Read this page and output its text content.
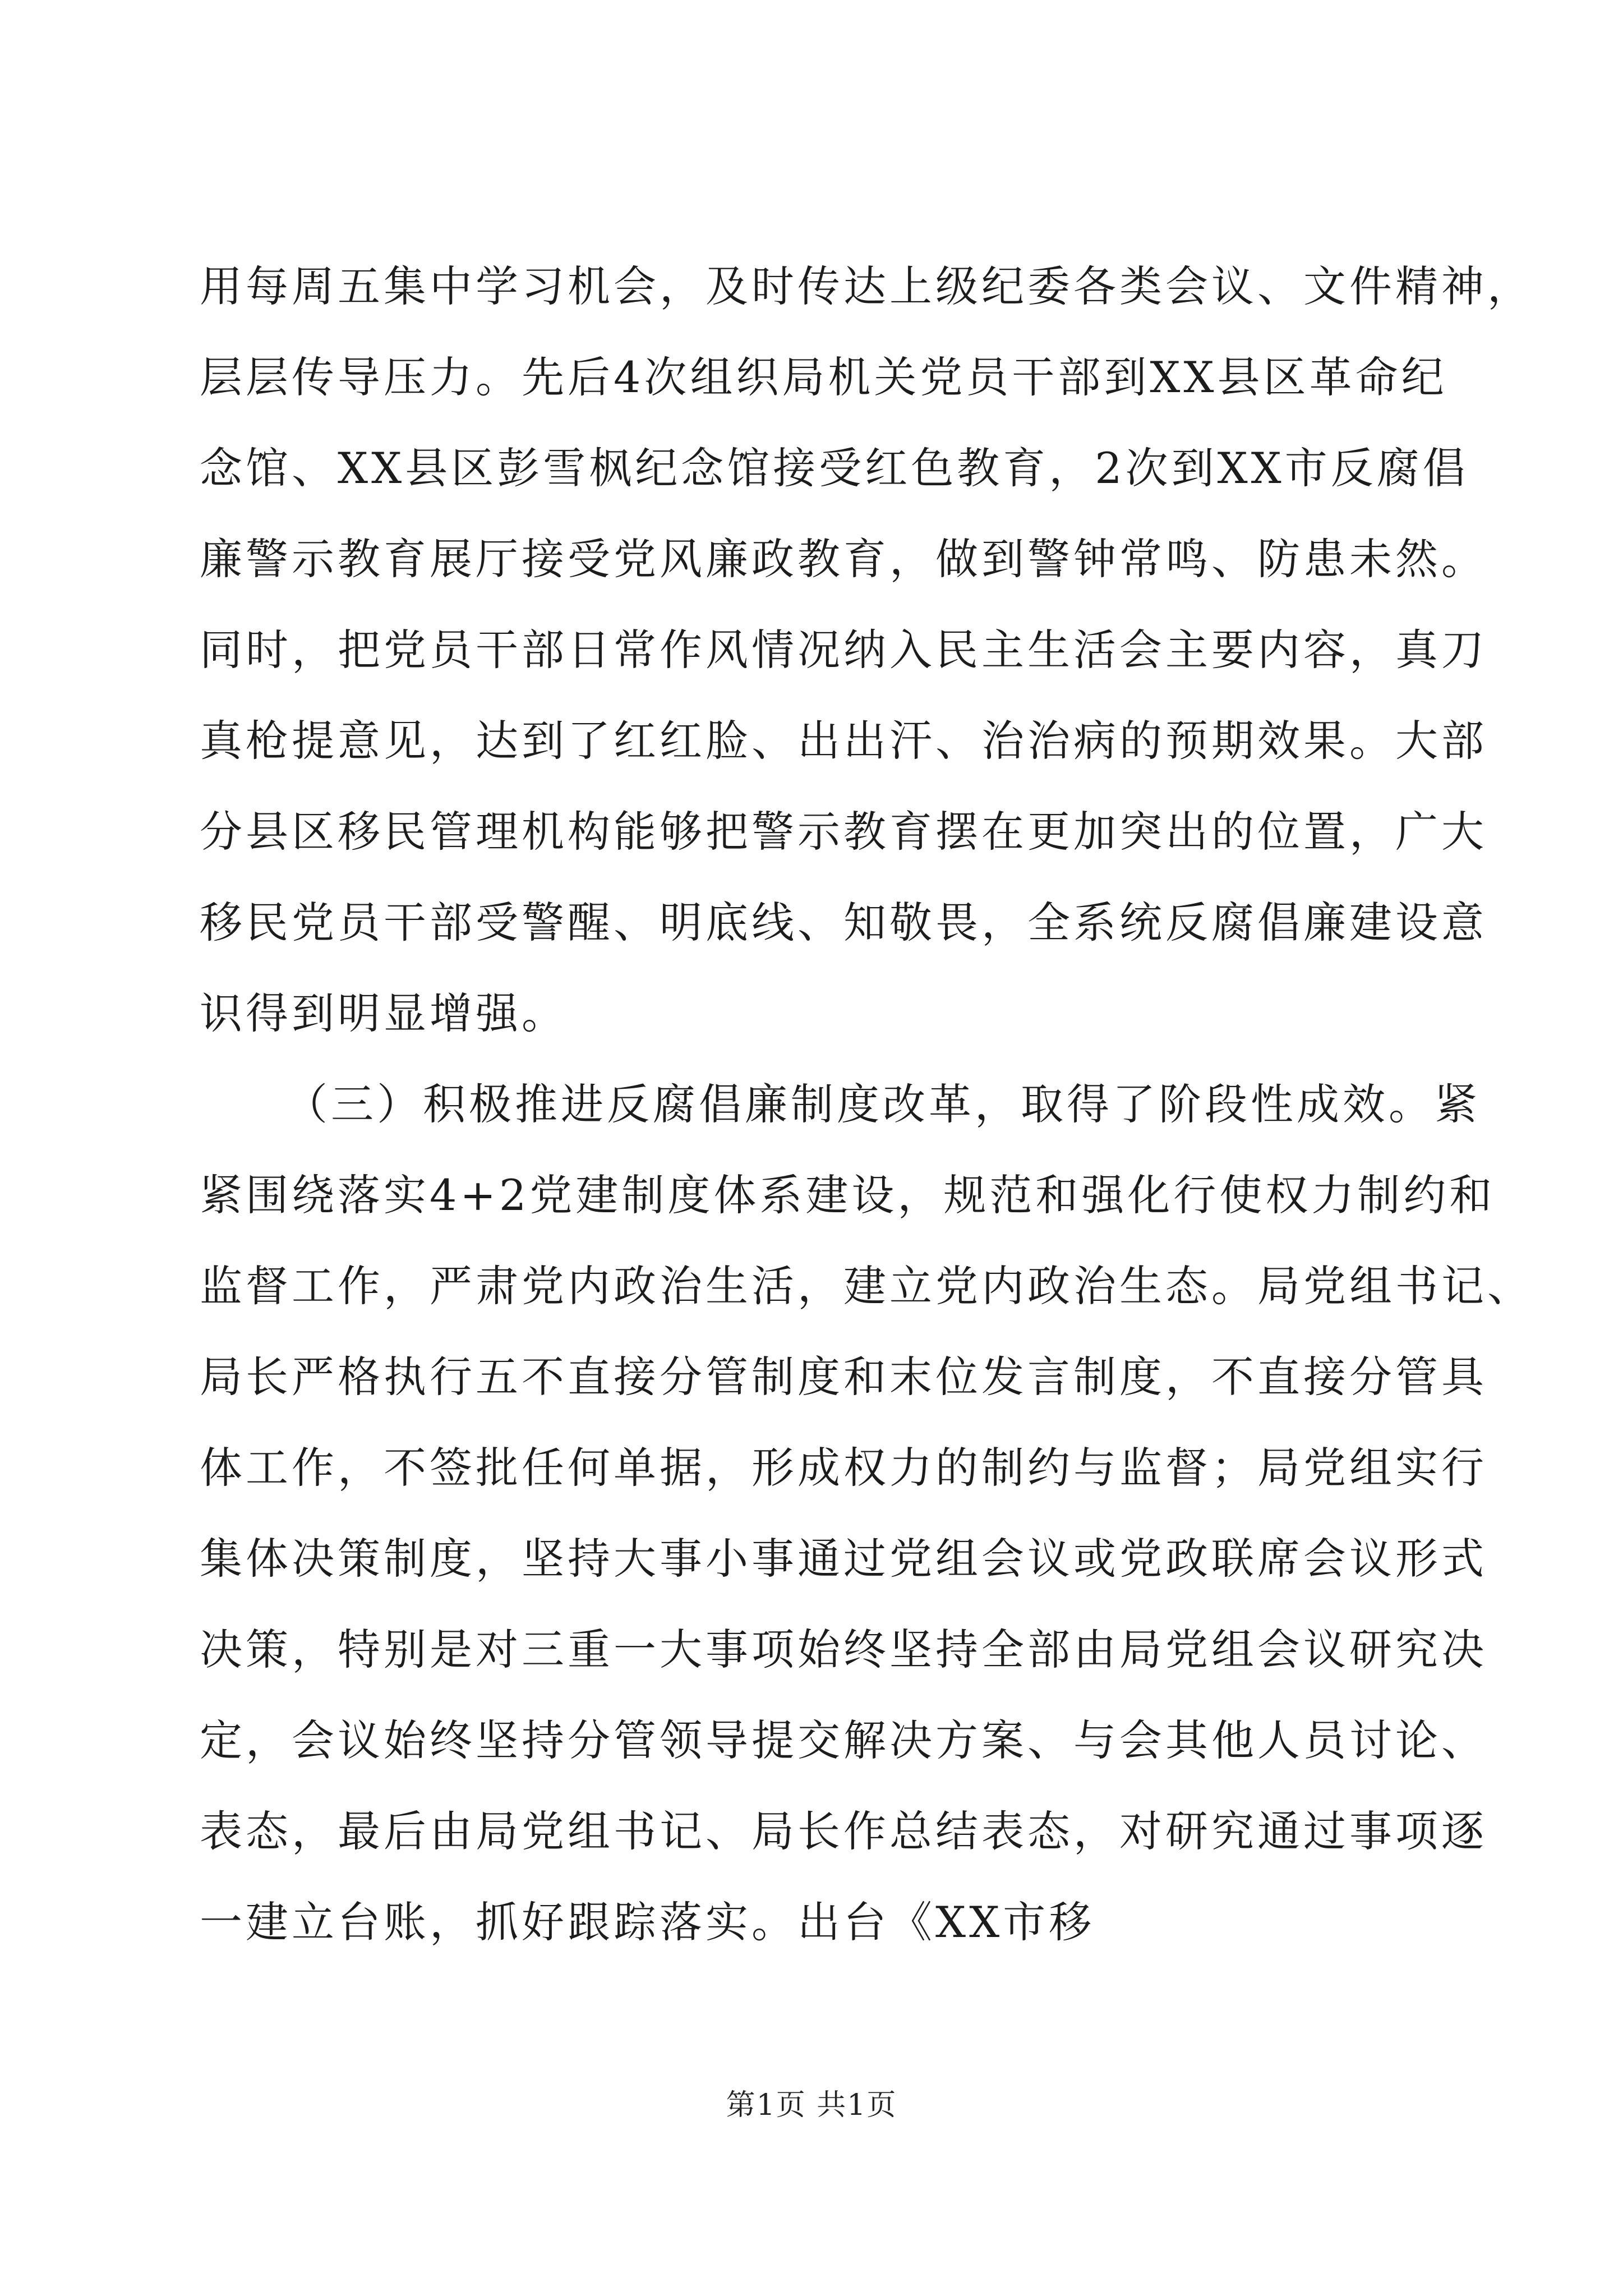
用每周五集中学习机会，及时传达上级纪委各类会议、文件精神，
层层传导压力。先后4次组织局机关党员干部到XX县区革命纪
念馆、XX县区彭雪枫纪念馆接受红色教育，2次到XX市反腐倡
廉警示教育展厅接受党风廉政教育，做到警钟常鸣、防患未然。
同时，把党员干部日常作风情况纳入民主生活会主要内容，真刀
真枪提意见，达到了红红脸、出出汗、治治病的预期效果。大部
分县区移民管理机构能够把警示教育摆在更加突出的位置，广大
移民党员干部受警醒、明底线、知敬畏，全系统反腐倡廉建设意
识得到明显增强。
（三）积极推进反腐倡廉制度改革，取得了阶段性成效。紧
紧围绕落实4+2党建制度体系建设，规范和强化行使权力制约和
监督工作，严肃党内政治生活，建立党内政治生态。局党组书记、
局长严格执行五不直接分管制度和末位发言制度，不直接分管具
体工作，不签批任何单据，形成权力的制约与监督；局党组实行
集体决策制度，坚持大事小事通过党组会议或党政联席会议形式
决策，特别是对三重一大事项始终坚持全部由局党组会议研究决
定，会议始终坚持分管领导提交解决方案、与会其他人员讨论、
表态，最后由局党组书记、局长作总结表态，对研究通过事项逐
一建立台账，抓好跟踪落实。出台《XX市移
第1页 共1页
